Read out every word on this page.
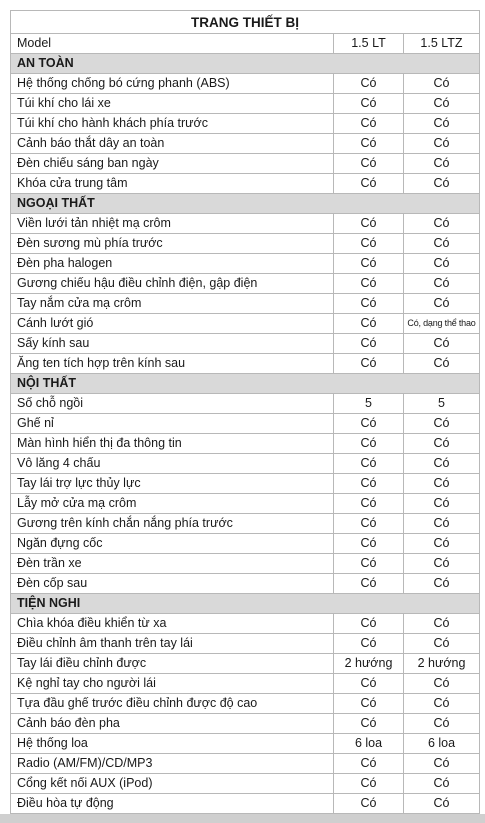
TRANG THIẾT BỊ		
Model	1.5 LT	1.5 LTZ
AN TOÀN		
Hệ thống chống bó cứng phanh (ABS)	Có	Có
Túi khí cho lái xe	Có	Có
Túi khí cho hành khách phía trước	Có	Có
Cảnh báo thắt dây an toàn	Có	Có
Đèn chiếu sáng ban ngày	Có	Có
Khóa cửa trung tâm	Có	Có
NGOẠI THẤT		
Viền lưới tản nhiệt mạ crôm	Có	Có
Đèn sương mù phía trước	Có	Có
Đèn pha halogen	Có	Có
Gương chiếu hậu điều chỉnh điện, gập điện	Có	Có
Tay nắm cửa mạ crôm	Có	Có
Cánh lướt gió	Có	Có, dạng thể thao
Sấy kính sau	Có	Có
Ăng ten tích hợp trên kính sau	Có	Có
NỘI THẤT		
Số chỗ ngồi	5	5
Ghế nỉ	Có	Có
Màn hình hiển thị đa thông tin	Có	Có
Vô lăng 4 chấu	Có	Có
Tay lái trợ lực thủy lực	Có	Có
Lẫy mở cửa mạ crôm	Có	Có
Gương trên kính chắn nắng phía trước	Có	Có
Ngăn đựng cốc	Có	Có
Đèn trần xe	Có	Có
Đèn cốp sau	Có	Có
TIỆN NGHI		
Chìa khóa điều khiển từ xa	Có	Có
Điều chỉnh âm thanh trên tay lái	Có	Có
Tay lái điều chỉnh được	2 hướng	2 hướng
Kệ nghỉ tay cho người lái	Có	Có
Tựa đầu ghế trước điều chỉnh được độ cao	Có	Có
Cảnh báo đèn pha	Có	Có
Hệ thống loa	6 loa	6 loa
Radio (AM/FM)/CD/MP3	Có	Có
Cổng kết nối AUX (iPod)	Có	Có
Điều hòa tự động	Có	Có
